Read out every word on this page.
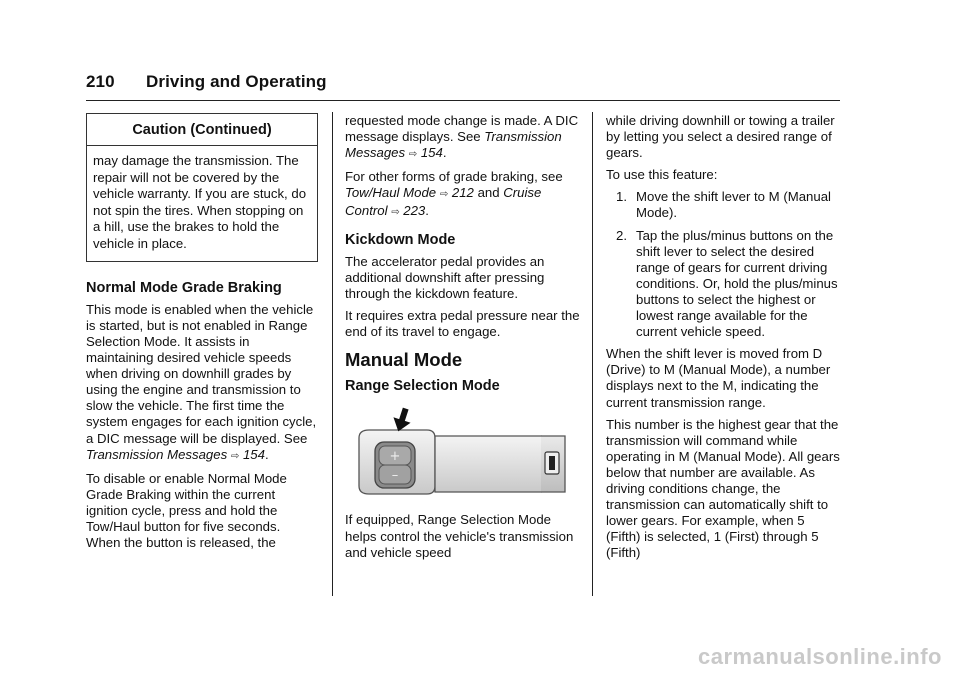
210 Driving and Operating
Caution (Continued)
may damage the transmission. The repair will not be covered by the vehicle warranty. If you are stuck, do not spin the tires. When stopping on a hill, use the brakes to hold the vehicle in place.
Normal Mode Grade Braking

This mode is enabled when the vehicle is started, but is not enabled in Range Selection Mode. It assists in maintaining desired vehicle speeds when driving on downhill grades by using the engine and transmission to slow the vehicle. The first time the system engages for each ignition cycle, a DIC message will be displayed. See Transmission Messages ⇨ 154.

To disable or enable Normal Mode Grade Braking within the current ignition cycle, press and hold the Tow/Haul button for five seconds. When the button is released, the

requested mode change is made. A DIC message displays. See Transmission Messages ⇨ 154.

For other forms of grade braking, see Tow/Haul Mode ⇨ 212 and Cruise Control ⇨ 223.

Kickdown Mode

The accelerator pedal provides an additional downshift after pressing through the kickdown feature.

It requires extra pedal pressure near the end of its travel to engage.

Manual Mode
Range Selection Mode
+
–

If equipped, Range Selection Mode helps control the vehicle's transmission and vehicle speed

while driving downhill or towing a trailer by letting you select a desired range of gears.

To use this feature:

1. Move the shift lever to M (Manual Mode).
2. Tap the plus/minus buttons on the shift lever to select the desired range of gears for current driving conditions. Or, hold the plus/minus buttons to select the highest or lowest range available for the current vehicle speed.

When the shift lever is moved from D (Drive) to M (Manual Mode), a number displays next to the M, indicating the current transmission range.

This number is the highest gear that the transmission will command while operating in M (Manual Mode). All gears below that number are available. As driving conditions change, the transmission can automatically shift to lower gears. For example, when 5 (Fifth) is selected, 1 (First) through 5 (Fifth)

carmanualsonline.info
